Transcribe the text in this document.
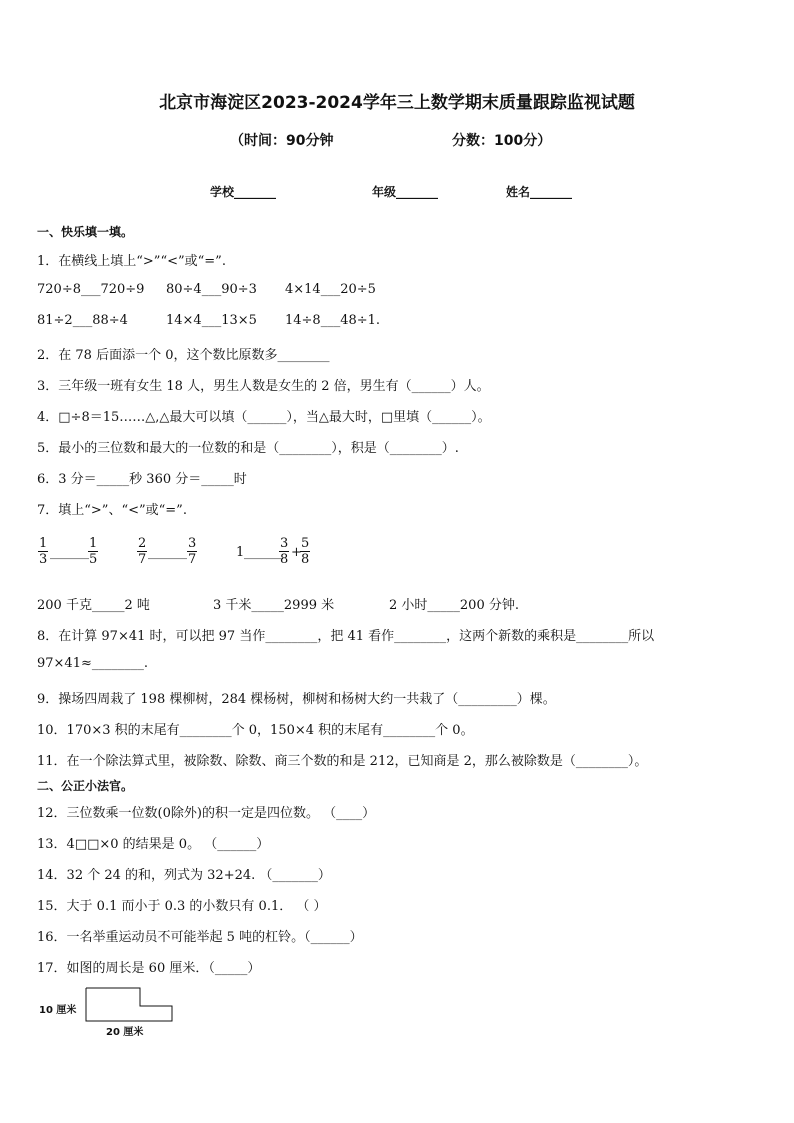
北京市海淀区2023-2024学年三上数学期末质量跟踪监视试题
（时间：90分钟	分数：100分）
学校_______	年级_______	姓名_______
一、快乐填一填。
1．在横线上填上“>”“<”或“=”.
720÷8___720÷9 80÷4___90÷3 4×14___20÷5
81÷2___88÷4	14×4___13×5 14÷8___48÷1.
2．在 78 后面添一个 0，这个数比原数多________
3．三年级一班有女生 18 人，男生人数是女生的 2 倍，男生有（______）人。
4．□÷8＝15……△,△最大可以填（______），当△最大时，□里填（______）。
5．最小的三位数和最大的一位数的和是（________），积是（________）.
6．3 分＝_____秒 360 分＝_____时
7．填上“>”、“<”或“=”.
$\frac{1}{3}$ ______ $\frac{1}{5}$	$\frac{2}{7}$ ______ $\frac{3}{7}$	1 ______
$\frac{3}{8}$ +
$\frac{5}{8}$
200 千克_____2 吨	3 千米_____2999 米	2 小时_____200 分钟.
8．在计算 97×41 时，可以把 97 当作________，把 41 看作________，这两个新数的乘积是________所以
97×41≈________.
9．操场四周栽了 198 棵柳树，284 棵杨树，柳树和杨树大约一共栽了（_________）棵。
10．170×3 积的末尾有________个 0，150×4 积的末尾有________个 0。
11．在一个除法算式里，被除数、除数、商三个数的和是 212，已知商是 2，那么被除数是（________）。
二、公正小法官。
12．三位数乘一位数(0除外)的积一定是四位数。 （____）
13．4□□×0 的结果是 0。 （______）
14．32 个 24 的和，列式为 32+24. （_______）
15．大于 0.1 而小于 0.3 的小数只有 0.1． （ ）
16．一名举重运动员不可能举起 5 吨的杠铃。（______）
17．如图的周长是 60 厘米．（_____）
10 厘米
20 厘米
